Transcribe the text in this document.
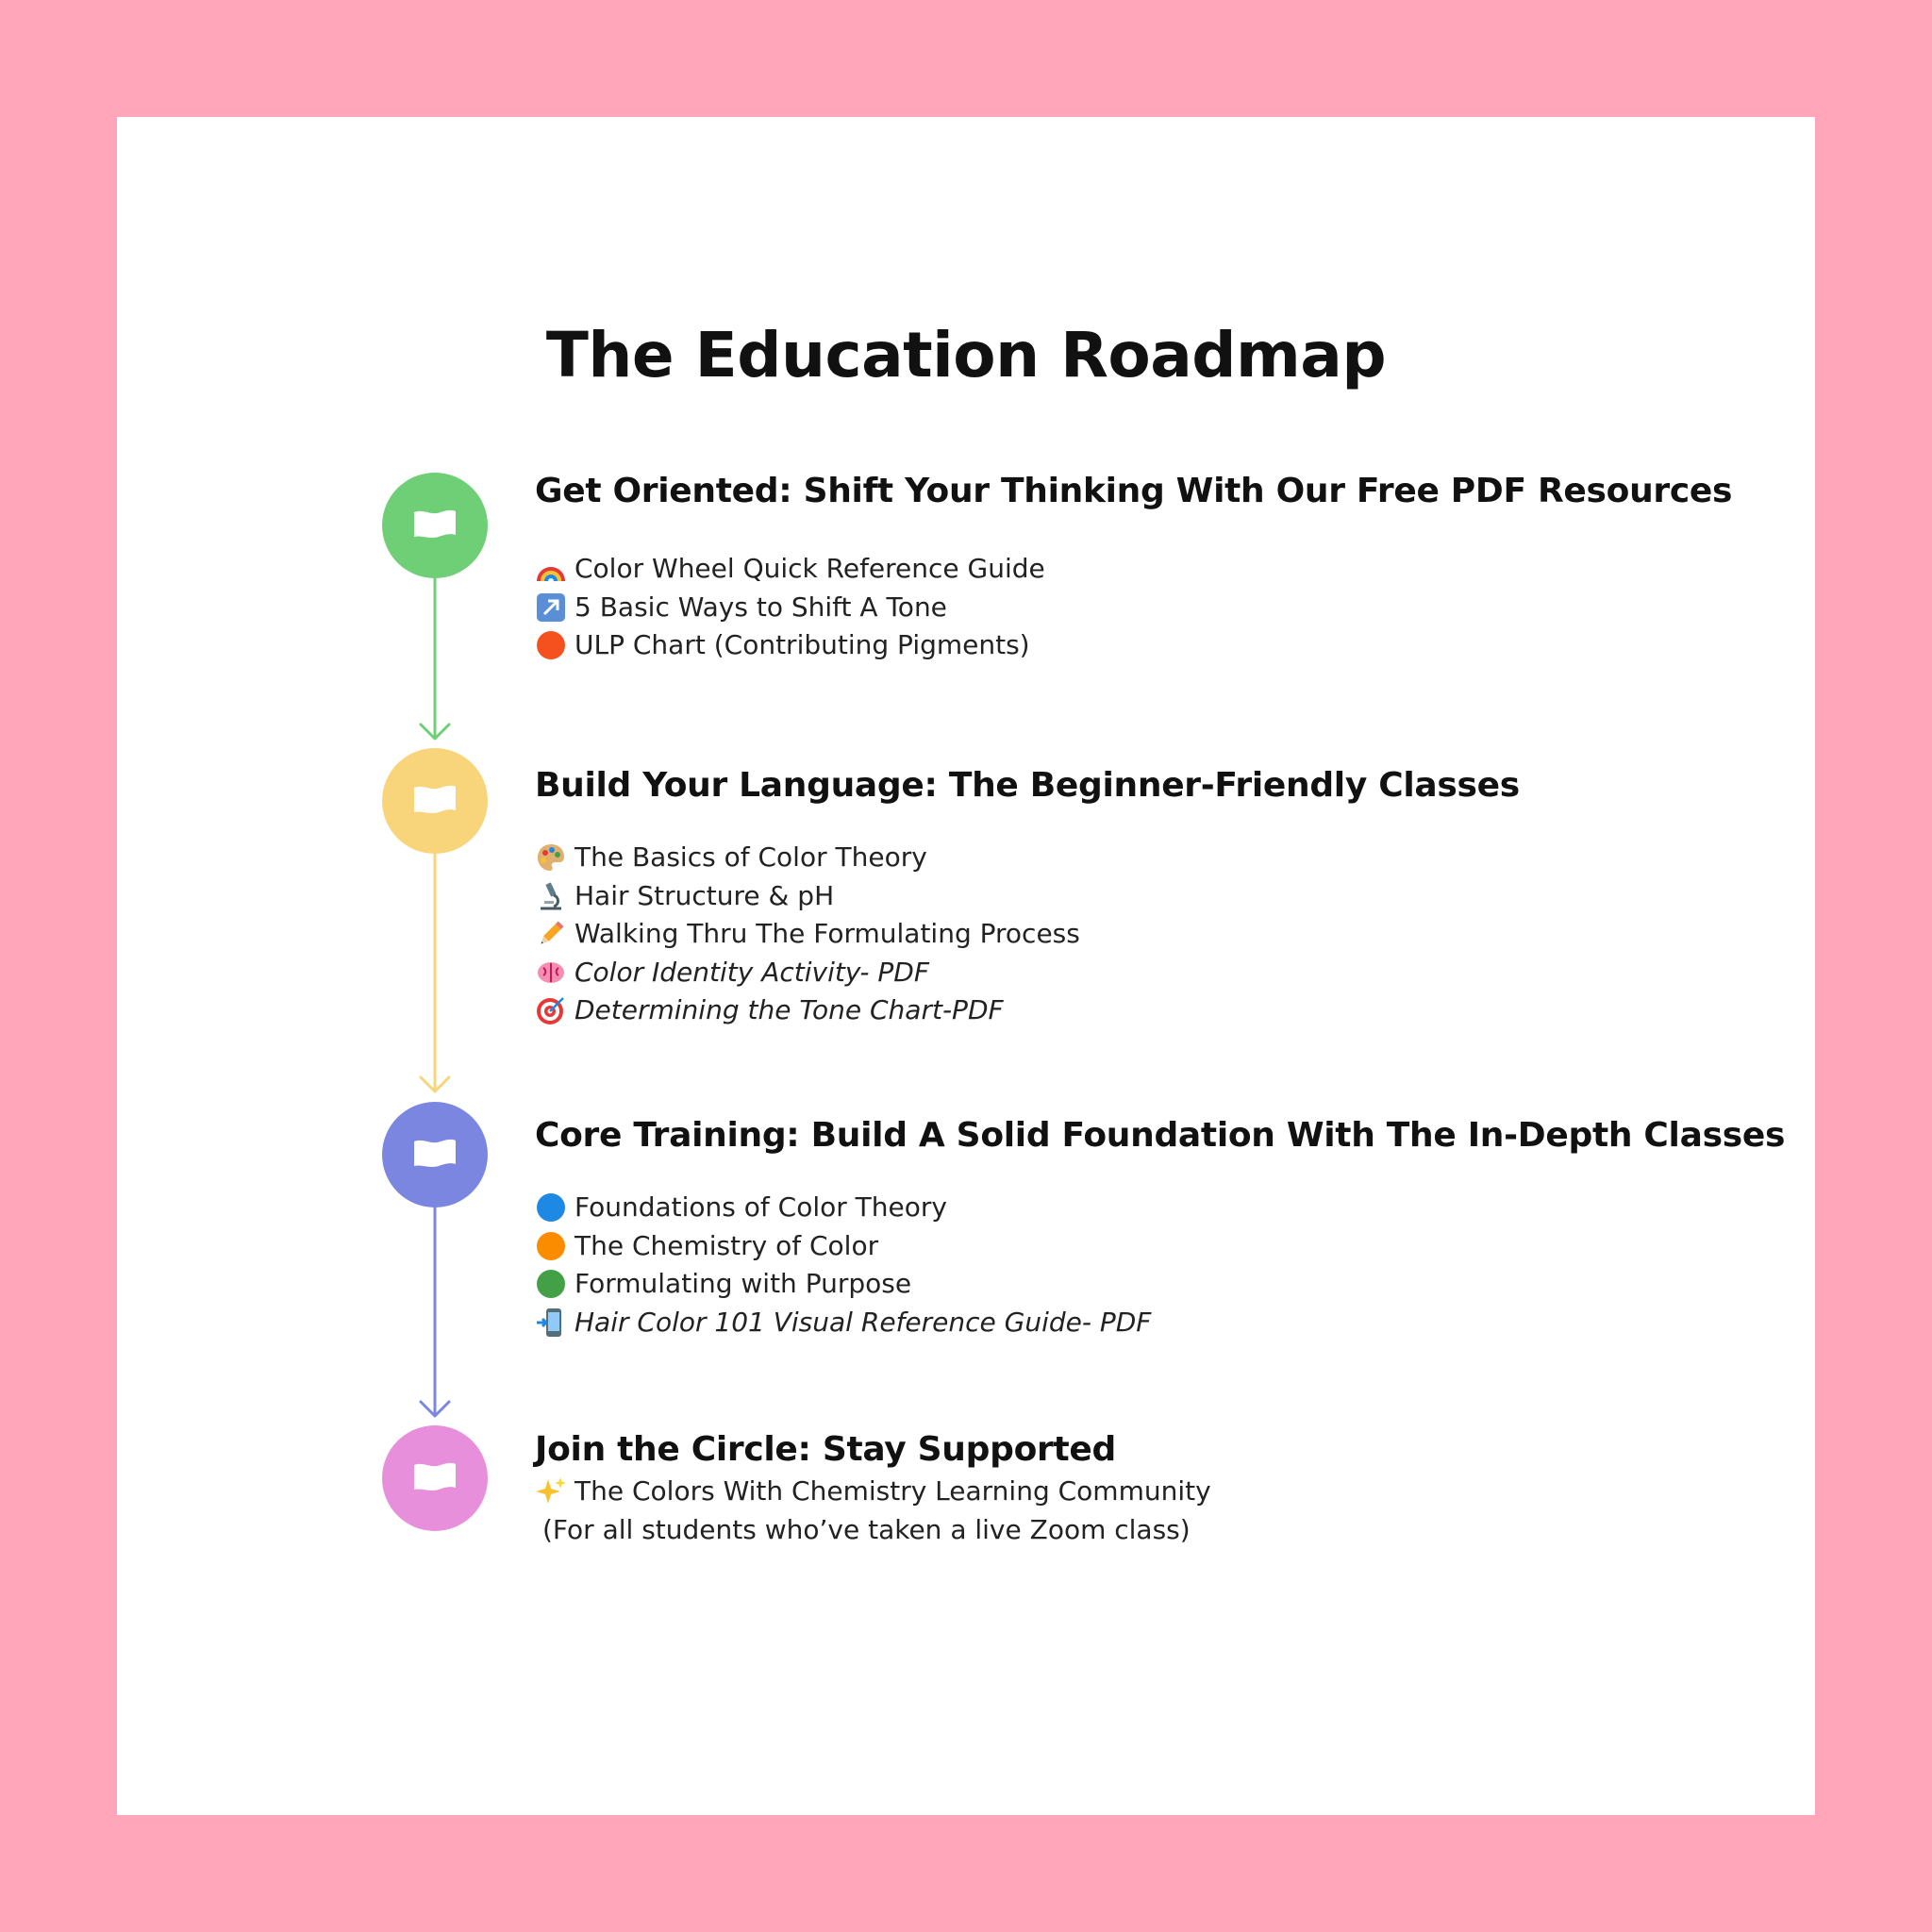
The Education Roadmap
Get Oriented: Shift Your Thinking With Our Free PDF Resources
Color Wheel Quick Reference Guide
5 Basic Ways to Shift A Tone
ULP Chart (Contributing Pigments)
Build Your Language: The Beginner-Friendly Classes
The Basics of Color Theory
Hair Structure & pH
Walking Thru The Formulating Process
Color Identity Activity- PDF
Determining the Tone Chart-PDF
Core Training: Build A Solid Foundation With The In-Depth Classes
Foundations of Color Theory
The Chemistry of Color
Formulating with Purpose
Hair Color 101 Visual Reference Guide- PDF
Join the Circle: Stay Supported
The Colors With Chemistry Learning Community
(For all students who’ve taken a live Zoom class)
